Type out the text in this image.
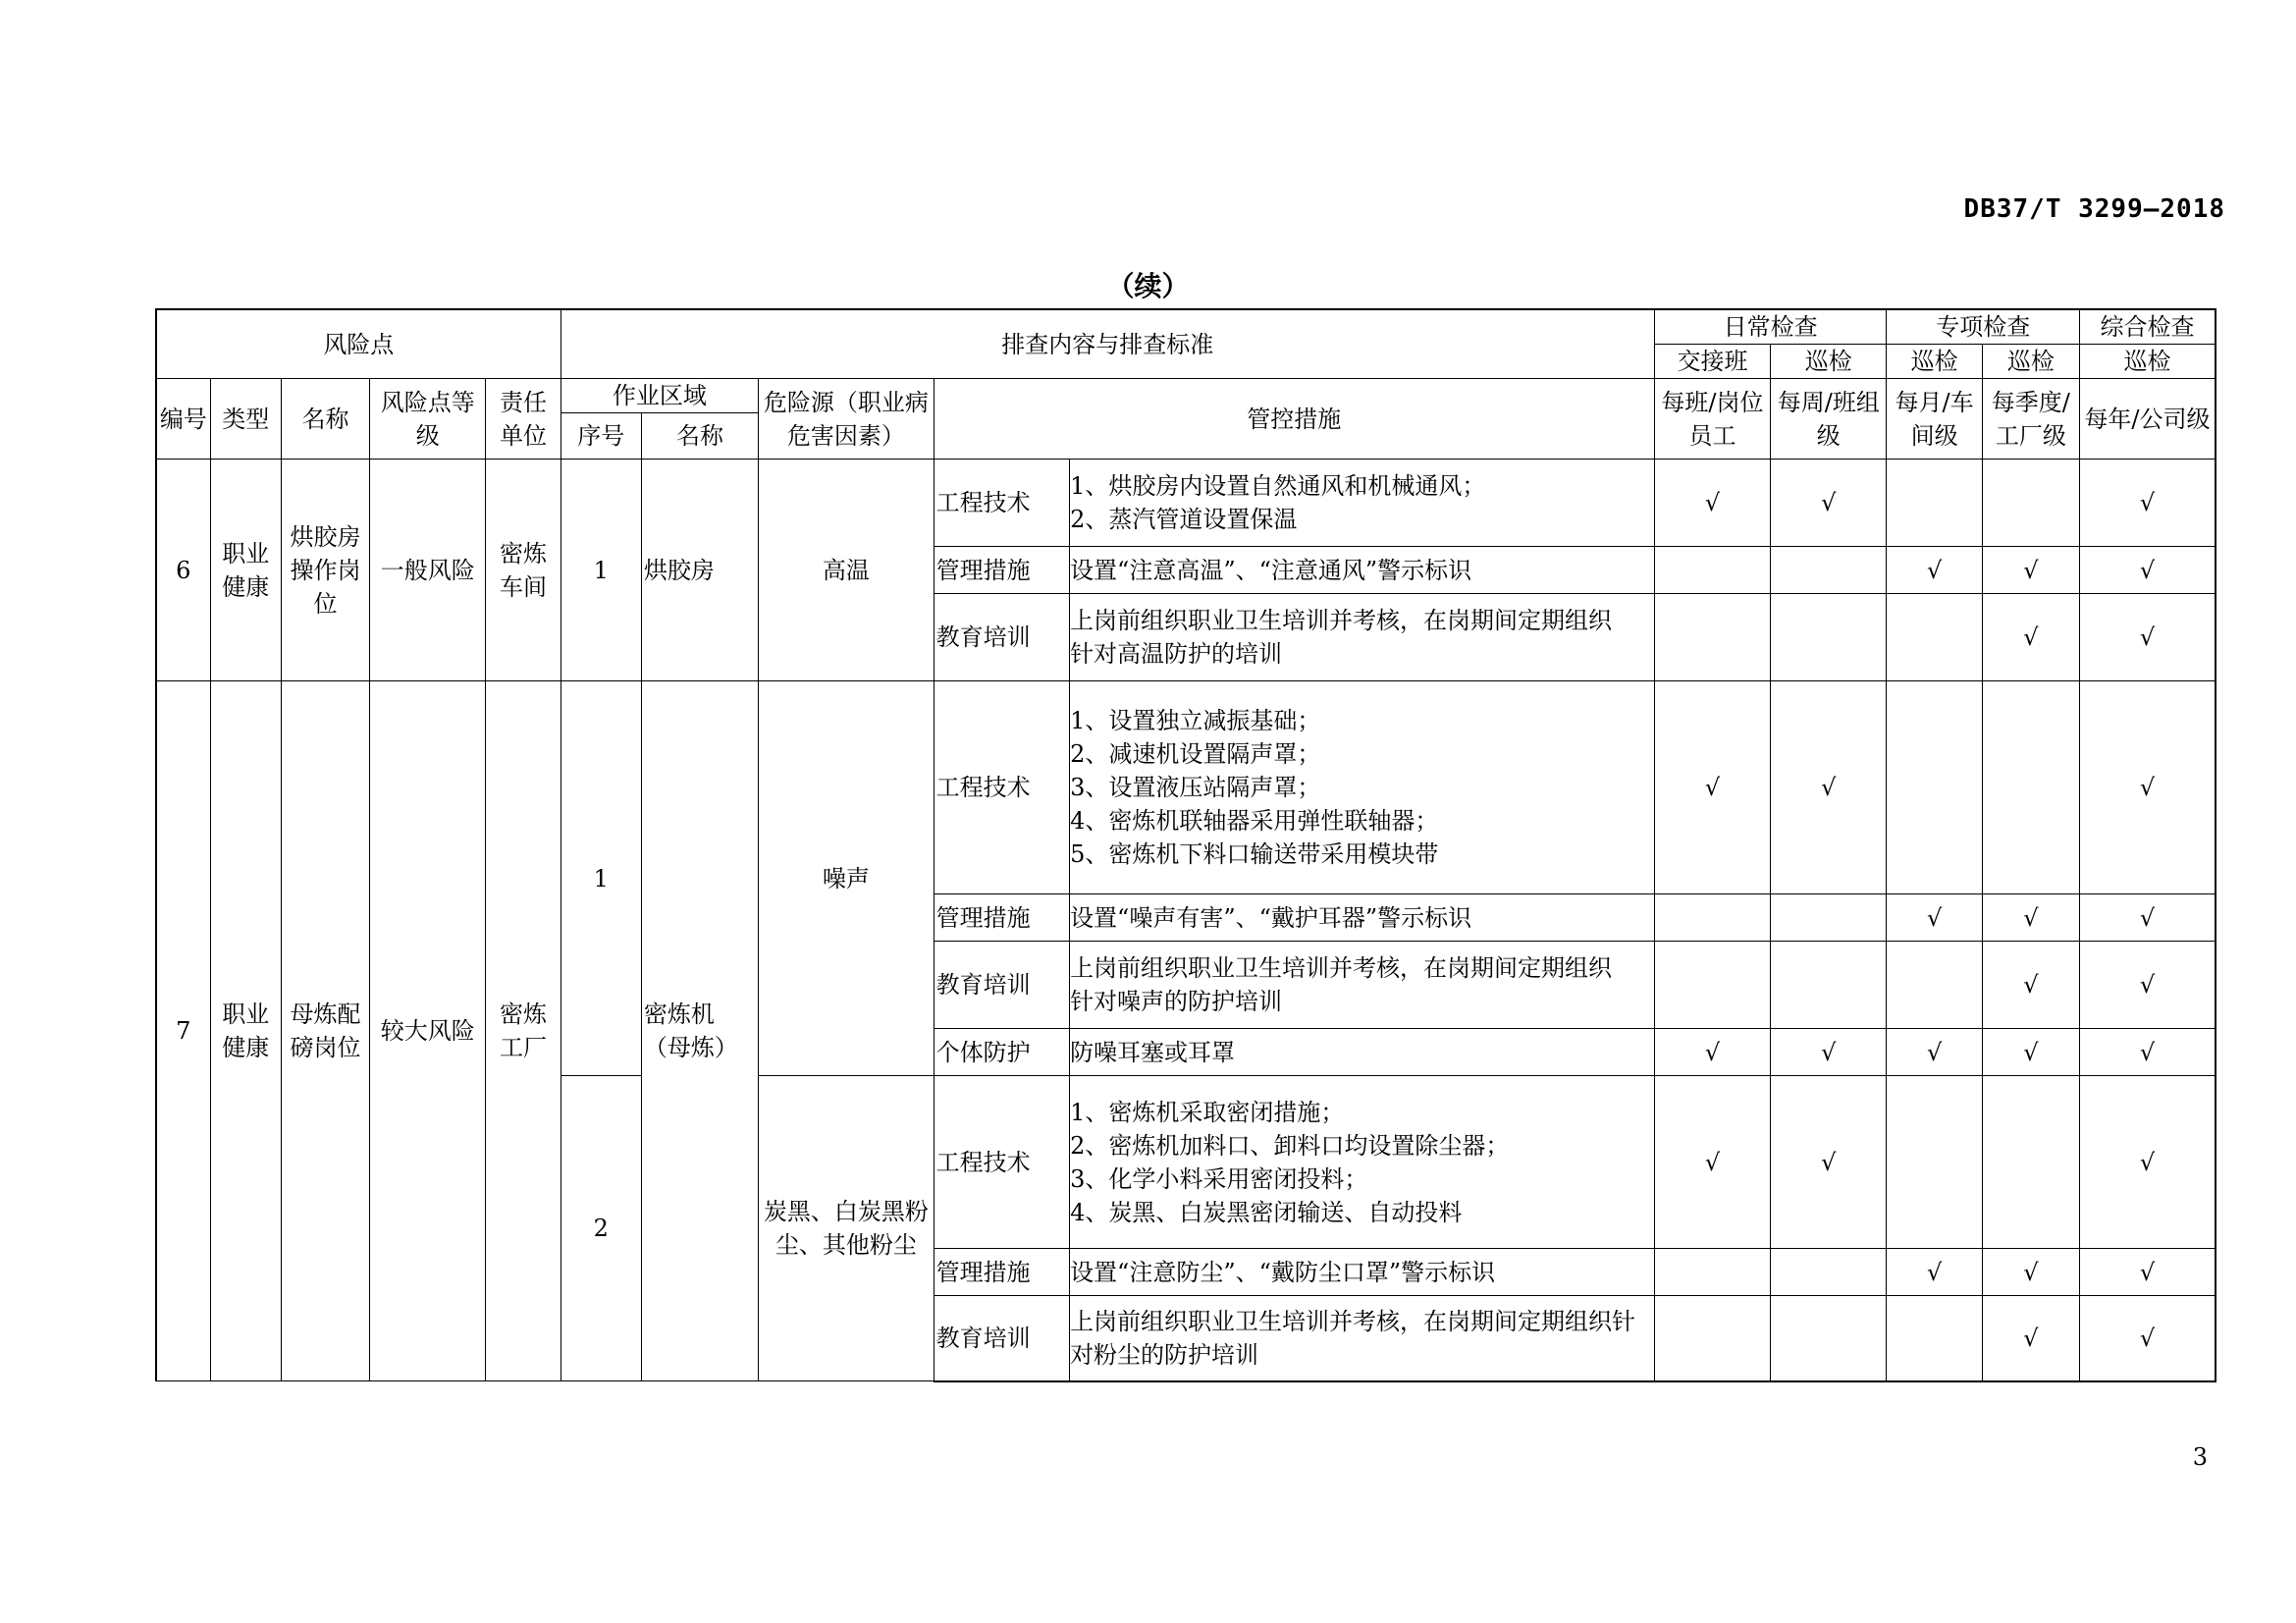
DB37/T 3299—2018
（续）
风险点					排查内容与排查标准					日常检查		专项检查		综合检查
										交接班	巡检	巡检	巡检	巡检
编号	类型	名称	风险点等级	责任单位	作业区域		危险源（职业病危害因素）	管控措施		每班/岗位员工	每周/班组级	每月/车间级	每季度/工厂级	每年/公司级
					序号	名称								
6	职业健康	烘胶房操作岗位	一般风险	密炼车间	1	烘胶房	高温	工程技术	1、烘胶房内设置自然通风和机械通风；
2、蒸汽管道设置保温	√	√			√
								管理措施	设置“注意高温”、“注意通风”警示标识			√	√	√
								教育培训	上岗前组织职业卫生培训并考核，在岗期间定期组织
针对高温防护的培训				√	√
7	职业健康	母炼配磅岗位	较大风险	密炼工厂	1	密炼机（母炼）	噪声	工程技术	1、设置独立减振基础；
2、减速机设置隔声罩；
3、设置液压站隔声罩；
4、密炼机联轴器采用弹性联轴器；
5、密炼机下料口输送带采用模块带	√	√			√
								管理措施	设置“噪声有害”、“戴护耳器”警示标识			√	√	√
								教育培训	上岗前组织职业卫生培训并考核，在岗期间定期组织
针对噪声的防护培训				√	√
								个体防护	防噪耳塞或耳罩	√	√	√	√	√
					2		炭黑、白炭黑粉尘、其他粉尘	工程技术	1、密炼机采取密闭措施；
2、密炼机加料口、卸料口均设置除尘器；
3、化学小料采用密闭投料；
4、炭黑、白炭黑密闭输送、自动投料	√	√			√
								管理措施	设置“注意防尘”、“戴防尘口罩”警示标识			√	√	√
								教育培训	上岗前组织职业卫生培训并考核，在岗期间定期组织针
对粉尘的防护培训				√	√
3
